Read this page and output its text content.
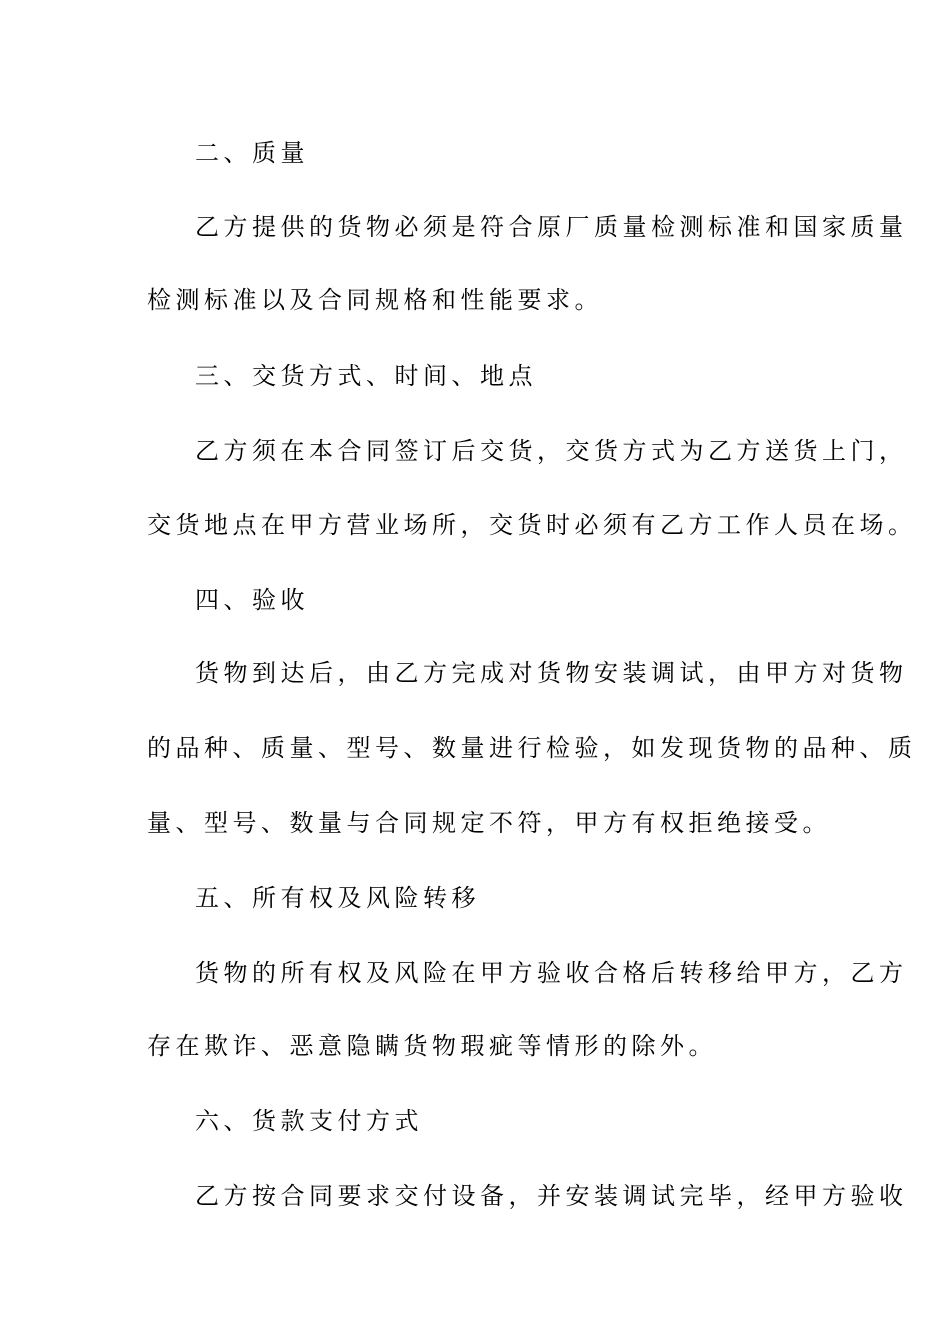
二、质量
乙方提供的货物必须是符合原厂质量检测标准和国家质量
检测标准以及合同规格和性能要求。
三、交货方式、时间、地点
乙方须在本合同签订后交货，交货方式为乙方送货上门，
交货地点在甲方营业场所，交货时必须有乙方工作人员在场。
四、验收
货物到达后，由乙方完成对货物安装调试，由甲方对货物
的品种、质量、型号、数量进行检验，如发现货物的品种、质
量、型号、数量与合同规定不符，甲方有权拒绝接受。
五、所有权及风险转移
货物的所有权及风险在甲方验收合格后转移给甲方，乙方
存在欺诈、恶意隐瞒货物瑕疵等情形的除外。
六、货款支付方式
乙方按合同要求交付设备，并安装调试完毕，经甲方验收
